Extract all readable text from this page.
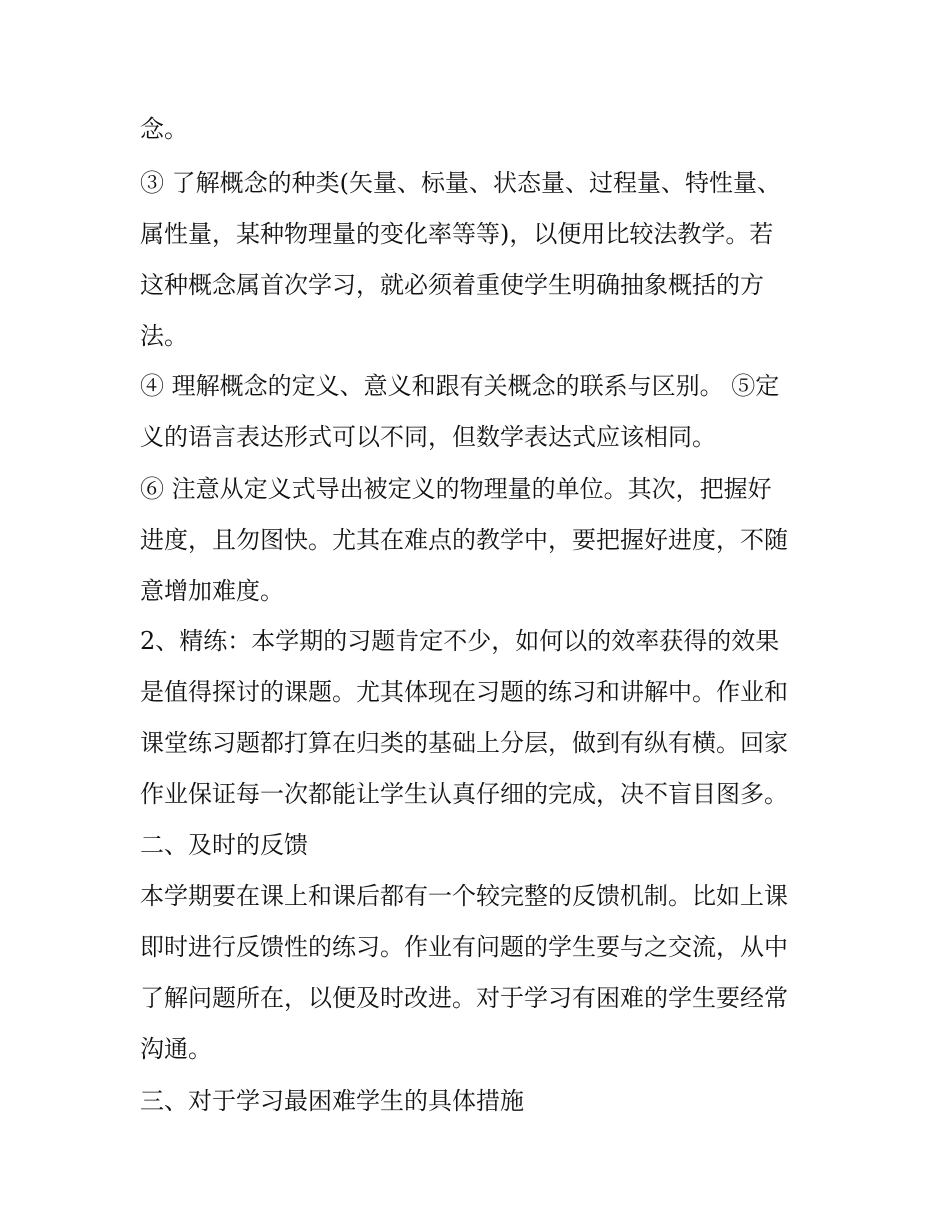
念。
③ 了解概念的种类(矢量、标量、状态量、过程量、特性量、
属性量，某种物理量的变化率等等)，以便用比较法教学。若
这种概念属首次学习，就必须着重使学生明确抽象概括的方
法。
④ 理解概念的定义、意义和跟有关概念的联系与区别。 ⑤定
义的语言表达形式可以不同，但数学表达式应该相同。
⑥ 注意从定义式导出被定义的物理量的单位。其次，把握好
进度，且勿图快。尤其在难点的教学中，要把握好进度，不随
意增加难度。
2、精练：本学期的习题肯定不少，如何以的效率获得的效果
是值得探讨的课题。尤其体现在习题的练习和讲解中。作业和
课堂练习题都打算在归类的基础上分层，做到有纵有横。回家
作业保证每一次都能让学生认真仔细的完成，决不盲目图多。
二、及时的反馈
本学期要在课上和课后都有一个较完整的反馈机制。比如上课
即时进行反馈性的练习。作业有问题的学生要与之交流，从中
了解问题所在，以便及时改进。对于学习有困难的学生要经常
沟通。
三、对于学习最困难学生的具体措施
